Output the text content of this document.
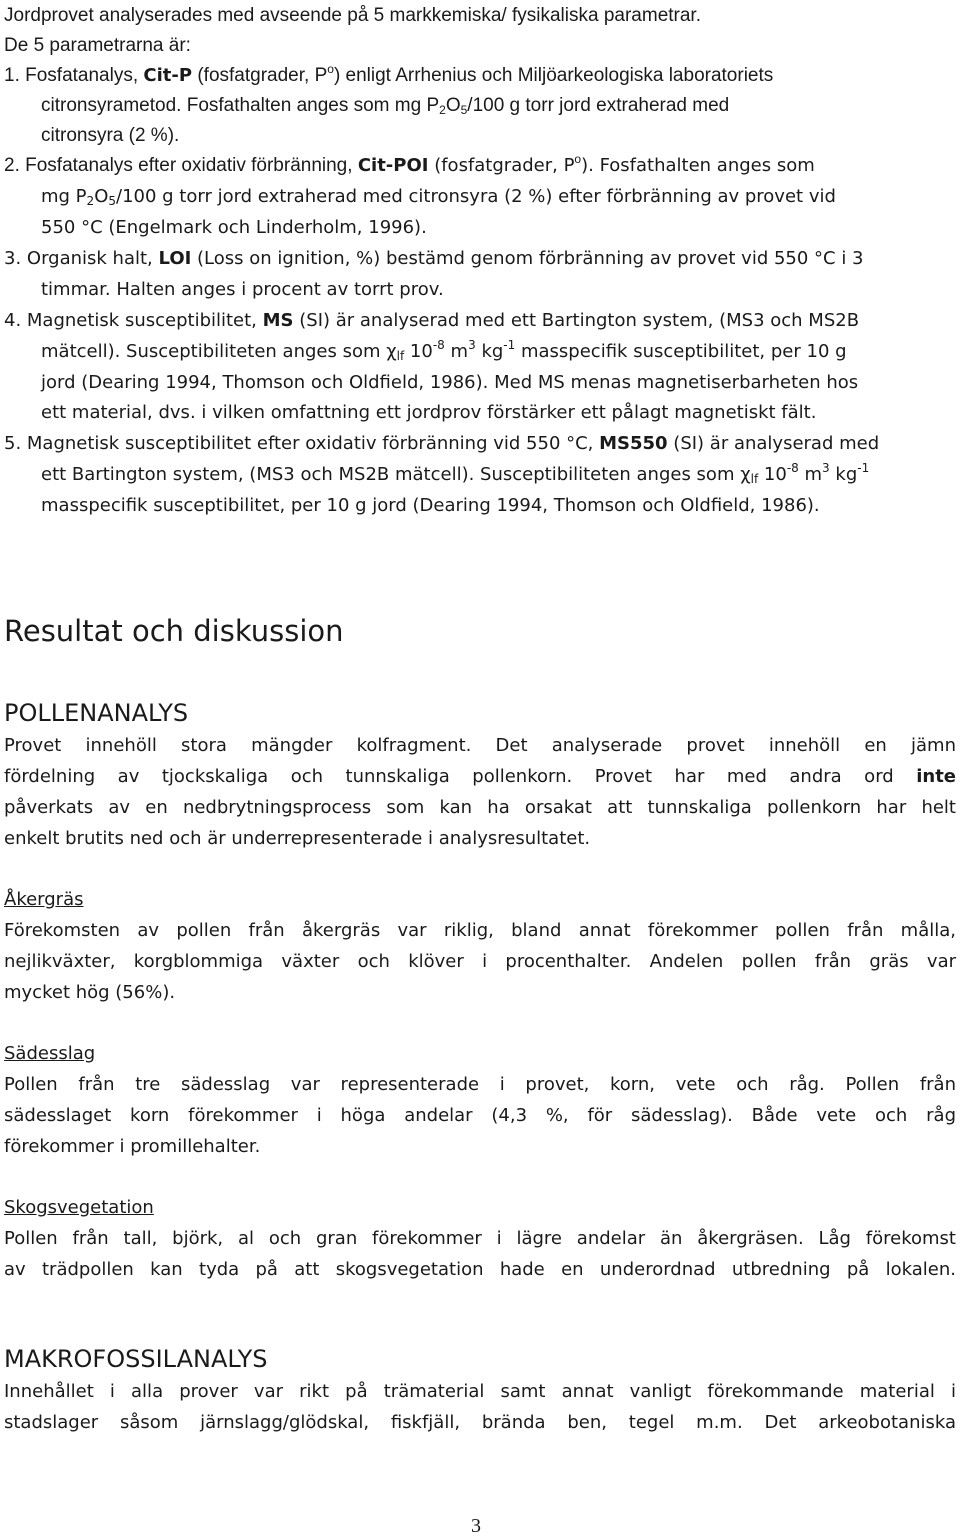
Jordprovet analyserades med avseende på 5 markkemiska/ fysikaliska parametrar.
De 5 parametrarna är:
1. Fosfatanalys, Cit-P (fosfatgrader, $P^o$) enligt Arrhenius och Miljöarkeologiska laboratoriets
citronsyrametod. Fosfathalten anges som mg $P_2O_5/100$ g torr jord extraherad med
citronsyra (2 %).
2. Fosfatanalys efter oxidativ förbränning, Cit-POI (fosfatgrader, $P^o$). Fosfathalten anges som
mg $P_2O_5/100$ g torr jord extraherad med citronsyra (2 %) efter förbränning av provet vid
550 °C (Engelmark och Linderholm, 1996).
3. Organisk halt, LOI (Loss on ignition, %) bestämd genom förbränning av provet vid 550 °C i 3
timmar. Halten anges i procent av torrt prov.
4. Magnetisk susceptibilitet, MS (SI) är analyserad med ett Bartington system, (MS3 och MS2B
mätcell). Susceptibiliteten anges som $\chi_{lf}$ $10^{-8}$ $m^3$ $kg^{-1}$ masspecifik susceptibilitet, per 10 g
jord (Dearing 1994, Thomson och Oldfield, 1986). Med MS menas magnetiserbarheten hos
ett material, dvs. i vilken omfattning ett jordprov förstärker ett pålagt magnetiskt fält.
5. Magnetisk susceptibilitet efter oxidativ förbränning vid 550 °C, MS550 (SI) är analyserad med
ett Bartington system, (MS3 och MS2B mätcell). Susceptibiliteten anges som $\chi_{lf}$ $10^{-8}$ $m^3$ $kg^{-1}$
masspecifik susceptibilitet, per 10 g jord (Dearing 1994, Thomson och Oldfield, 1986).
Resultat och diskussion
POLLENANALYS
Provet innehöll stora mängder kolfragment. Det analyserade provet innehöll en jämn
fördelning av tjockskaliga och tunnskaliga pollenkorn. Provet har med andra ord inte
påverkats av en nedbrytningsprocess som kan ha orsakat att tunnskaliga pollenkorn har helt
enkelt brutits ned och är underrepresenterade i analysresultatet.
Åkergräs
Förekomsten av pollen från åkergräs var riklig, bland annat förekommer pollen från målla,
nejlikväxter, korgblommiga växter och klöver i procenthalter. Andelen pollen från gräs var
mycket hög (56%).
Sädesslag
Pollen från tre sädesslag var representerade i provet, korn, vete och råg. Pollen från
sädesslaget korn förekommer i höga andelar (4,3 %, för sädesslag). Både vete och råg
förekommer i promillehalter.
Skogsvegetation
Pollen från tall, björk, al och gran förekommer i lägre andelar än åkergräsen. Låg förekomst
av trädpollen kan tyda på att skogsvegetation hade en underordnad utbredning på lokalen.
MAKROFOSSILANALYS
Innehållet i alla prover var rikt på trämaterial samt annat vanligt förekommande material i
stadslager såsom järnslagg/glödskal, fiskfjäll, brända ben, tegel m.m. Det arkeobotaniska
3
